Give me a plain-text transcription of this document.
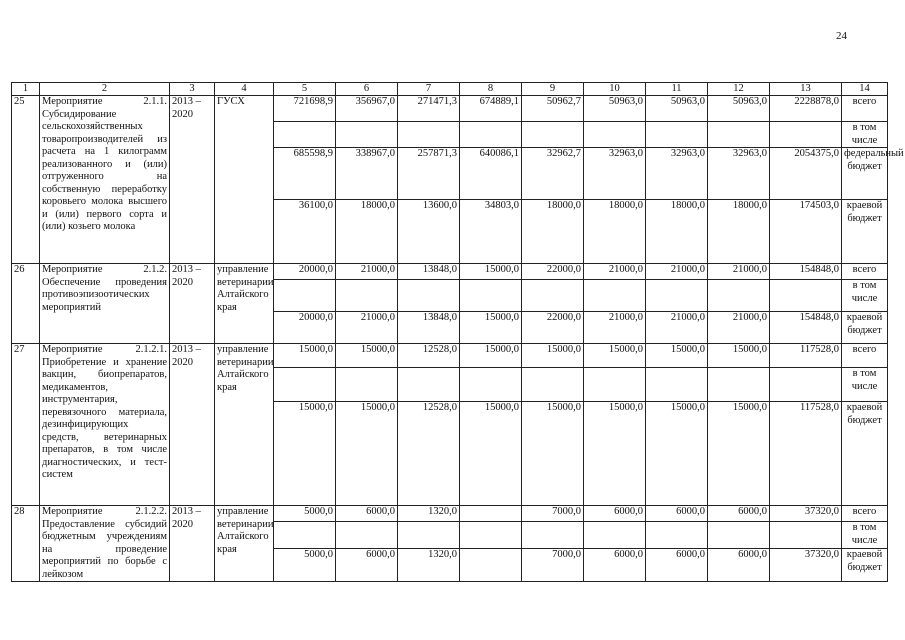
24
1	2	3	4	5	6	7	8	9	10	11	12	13	14
25	Мероприятие 2.1.1. Субсидирование сельскохозяйственных товаропроизводителей из расчета на 1 килограмм реализованного и (или) отгруженного на собственную переработку коровьего молока высшего и (или) первого сорта и (или) козьего молока	2013 – 2020	ГУСХ	721698,9	356967,0	271471,3	674889,1	50962,7	50963,0	50963,0	50963,0	2228878,0	всего
													в том числе
				685598,9	338967,0	257871,3	640086,1	32962,7	32963,0	32963,0	32963,0	2054375,0	федеральный бюджет
				36100,0	18000,0	13600,0	34803,0	18000,0	18000,0	18000,0	18000,0	174503,0	краевой бюджет
26	Мероприятие 2.1.2. Обеспечение проведения противоэпизоотических мероприятий	2013 – 2020	управление ветеринарии Алтайского края	20000,0	21000,0	13848,0	15000,0	22000,0	21000,0	21000,0	21000,0	154848,0	всего
													в том числе
				20000,0	21000,0	13848,0	15000,0	22000,0	21000,0	21000,0	21000,0	154848,0	краевой бюджет
27	Мероприятие 2.1.2.1. Приобретение и хранение вакцин, биопрепаратов, медикаментов, инструментария, перевязочного материала, дезинфицирующих средств, ветеринарных препаратов, в том числе диагностических, и тест-систем	2013 – 2020	управление ветеринарии Алтайского края	15000,0	15000,0	12528,0	15000,0	15000,0	15000,0	15000,0	15000,0	117528,0	всего
													в том числе
				15000,0	15000,0	12528,0	15000,0	15000,0	15000,0	15000,0	15000,0	117528,0	краевой бюджет
28	Мероприятие 2.1.2.2. Предоставление субсидий бюджетным учреждениям на проведение мероприятий по борьбе с лейкозом	2013 – 2020	управление ветеринарии Алтайского края	5000,0	6000,0	1320,0		7000,0	6000,0	6000,0	6000,0	37320,0	всего
													в том числе
				5000,0	6000,0	1320,0		7000,0	6000,0	6000,0	6000,0	37320,0	краевой бюджет
